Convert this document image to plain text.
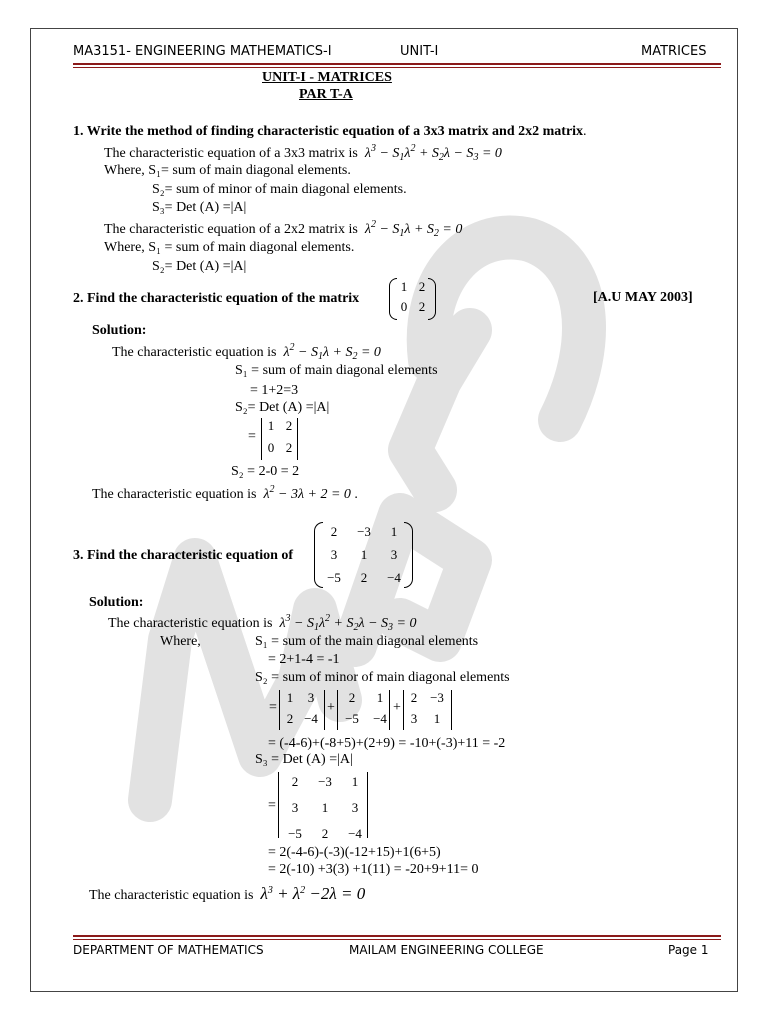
MA3151- ENGINEERING MATHEMATICS-I	UNIT-I	MATRICES
UNIT-I - MATRICES
PAR T-A
1. Write the method of finding characteristic equation of a 3x3 matrix and 2x2 matrix.
The characteristic equation of a 3x3 matrix is $\lambda^3 - S_1\lambda^2 + S_2\lambda - S_3 = 0$
Where, S₁= sum of main diagonal elements.
S₂= sum of minor of main diagonal elements.
S₃= Det (A) =|A|
The characteristic equation of a 2x2 matrix is $\lambda^2 - S_1\lambda + S_2 = 0$
Where, S₁ = sum of main diagonal elements.
S₂= Det (A) =|A|
2. Find the characteristic equation of the matrix
1 2
0 2
[A.U MAY 2003]
Solution:
The characteristic equation is $\lambda^2 - S_1\lambda + S_2 = 0$
S₁ = sum of main diagonal elements
= 1+2=3
S₂= Det (A) =|A|
=
1 2
0 2
S₂ = 2-0 = 2
The characteristic equation is $\lambda^2 - 3\lambda + 2 = 0$ .
3. Find the characteristic equation of
2	−3	1
3	1	3
−5	2	−4
Solution:
The characteristic equation is $\lambda^3 - S_1\lambda^2 + S_2\lambda - S_3 = 0$
Where,	S₁ = sum of the main diagonal elements
= 2+1-4 = -1
S₂ = sum of minor of main diagonal elements
=
1	3
2 −4
+
2	1
−5	−4
+
2 −3
3	1
= (-4-6)+(-8+5)+(2+9) = -10+(-3)+11 = -2
S₃ = Det (A) =|A|
=
2	−3	1
3	1	3
−5	2	−4
= 2(-4-6)-(-3)(-12+15)+1(6+5)
= 2(-10) +3(3) +1(11) = -20+9+11= 0
The characteristic equation is $\lambda^3 + \lambda^2 -2\lambda = 0$
DEPARTMENT OF MATHEMATICS	MAILAM ENGINEERING COLLEGE	Page 1
